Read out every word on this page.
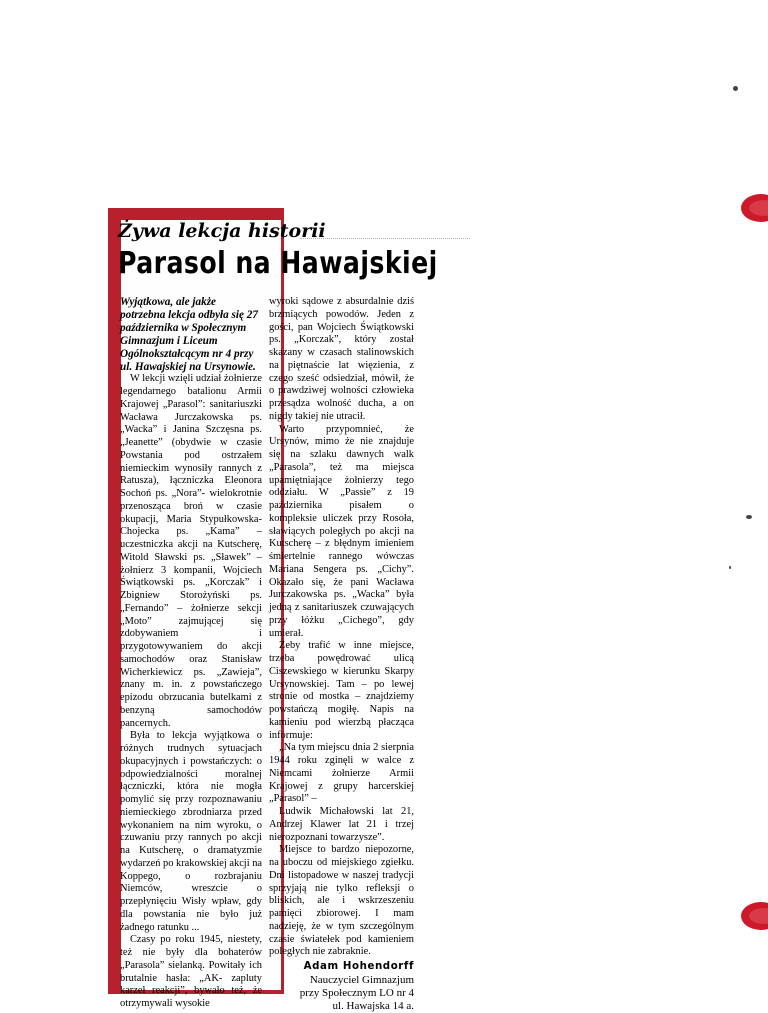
Żywa lekcja historii
Parasol na Hawajskiej

Wyjątkowa, ale jakże potrzebna lekcja odbyła się 27 października w Społecznym Gimnazjum i Liceum Ogólnokształcącym nr 4 przy ul. Hawajskiej na Ursynowie.

W lekcji wzięli udział żołnierze legendarnego batalionu Armii Krajowej „Parasol”: sanitariuszki Wacława Jurczakowska ps. „Wacka” i Janina Szczęsna ps. „Jeanette” (obydwie w czasie Powstania pod ostrzałem niemieckim wynosiły rannych z Ratusza), łączniczka Eleonora Sochoń ps. „Nora”- wielokrotnie przenosząca broń w czasie okupacji, Maria Stypułkowska- Chojecka ps. „Kama” – uczestniczka akcji na Kutscherę, Witold Sławski ps. „Sławek” – żołnierz 3 kompanii, Wojciech Świątkowski ps. „Korczak” i Zbigniew Storożyński ps. „Fernando” – żołnierze sekcji „Moto” zajmującej się zdobywaniem i przygotowywaniem do akcji samochodów oraz Stanisław Wicherkiewicz ps. „Zawieja”, znany m. in. z powstańczego epizodu obrzucania butelkami z benzyną samochodów pancernych.

Była to lekcja wyjątkowa o różnych trudnych sytuacjach okupacyjnych i powstańczych: o odpowiedzialności moralnej łączniczki, która nie mogła pomylić się przy rozpoznawaniu niemieckiego zbrodniarza przed wykonaniem na nim wyroku, o czuwaniu przy rannych po akcji na Kutscherę, o dramatyzmie wydarzeń po krakowskiej akcji na Koppego, o rozbrajaniu Niemców, wreszcie o przepłynięciu Wisły wpław, gdy dla powstania nie było już żadnego ratunku ...

Czasy po roku 1945, niestety, też nie były dla bohaterów „Parasola” sielanką. Powitały ich brutalnie hasła: „AK- zapluty karzeł reakcji”, bywało też, że otrzymywali wysokie

wyroki sądowe z absurdalnie dziś brzmiących powodów. Jeden z gości, pan Wojciech Świątkowski ps. „Korczak”, który został skazany w czasach stalinowskich na piętnaście lat więzienia, z czego sześć odsiedział, mówił, że o prawdziwej wolności człowieka przesądza wolność ducha, a on nigdy takiej nie utracił.

Warto przypomnieć, że Ursynów, mimo że nie znajduje się na szlaku dawnych walk „Parasola”, też ma miejsca upamiętniające żołnierzy tego oddziału. W „Passie” z 19 października pisałem o kompleksie uliczek przy Rosoła, sławiących poległych po akcji na Kutscherę – z błędnym imieniem śmiertelnie rannego wówczas Mariana Sengera ps. „Cichy”. Okazało się, że pani Wacława Jurczakowska ps. „Wacka” była jedną z sanitariuszek czuwających przy łóżku „Cichego”, gdy umierał.

Żeby trafić w inne miejsce, trzeba powędrować ulicą Ciszewskiego w kierunku Skarpy Ursynowskiej. Tam – po lewej stronie od mostka – znajdziemy powstańczą mogiłę. Napis na kamieniu pod wierzbą płacząca informuje:

„Na tym miejscu dnia 2 sierpnia 1944 roku zginęli w walce z Niemcami żołnierze Armii Krajowej z grupy harcerskiej „Parasol” –

Ludwik Michałowski lat 21, Andrzej Klawer lat 21 i trzej nierozpoznani towarzysze”.

Miejsce to bardzo niepozorne, na uboczu od miejskiego zgiełku. Dni listopadowe w naszej tradycji sprzyjają nie tylko refleksji o bliskich, ale i wskrzeszeniu pamięci zbiorowej. I mam nadzieję, że w tym szczególnym czasie światełek pod kamieniem poległych nie zabraknie.

Adam Hohendorff
Nauczyciel Gimnazjum
przy Społecznym LO nr 4
ul. Hawajska 14 a.
